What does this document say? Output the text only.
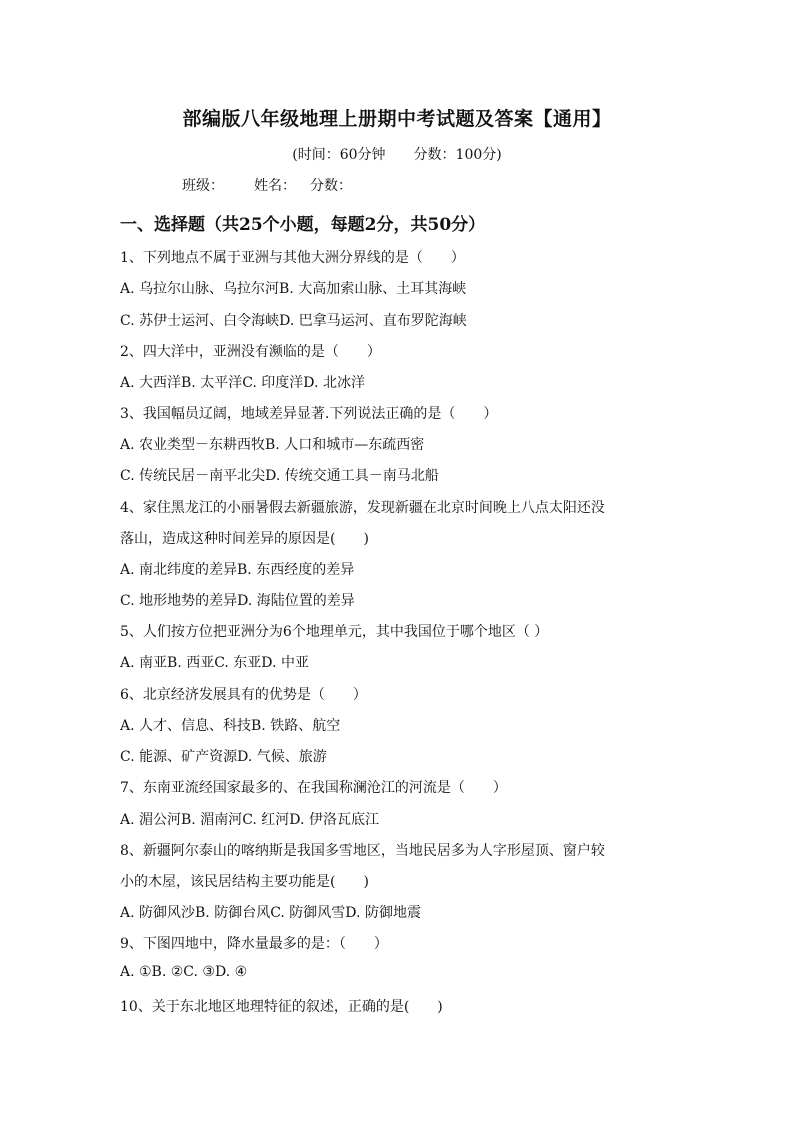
部编版八年级地理上册期中考试题及答案【通用】
(时间：60分钟 分数：100分)
班级： 姓名： 分数：
一、选择题（共25个小题，每题2分，共50分）
1、下列地点不属于亚洲与其他大洲分界线的是（　　）
A. 乌拉尔山脉、乌拉尔河B. 大高加索山脉、土耳其海峡
C. 苏伊士运河、白令海峡D. 巴拿马运河、直布罗陀海峡
2、四大洋中，亚洲没有濒临的是（　　）
A. 大西洋B. 太平洋C. 印度洋D. 北冰洋
3、我国幅员辽阔，地域差异显著.下列说法正确的是（　　）
A. 农业类型－东耕西牧B. 人口和城市—东疏西密
C. 传统民居－南平北尖D. 传统交通工具－南马北船
4、家住黑龙江的小丽暑假去新疆旅游，发现新疆在北京时间晚上八点太阳还没
落山，造成这种时间差异的原因是(　　)
A. 南北纬度的差异B. 东西经度的差异
C. 地形地势的差异D. 海陆位置的差异
5、人们按方位把亚洲分为6个地理单元，其中我国位于哪个地区（ ）
A. 南亚B. 西亚C. 东亚D. 中亚
6、北京经济发展具有的优势是（　　）
A. 人才、信息、科技B. 铁路、航空
C. 能源、矿产资源D. 气候、旅游
7、东南亚流经国家最多的、在我国称澜沧江的河流是（　　）
A. 湄公河B. 湄南河C. 红河D. 伊洛瓦底江
8、新疆阿尔泰山的喀纳斯是我国多雪地区，当地民居多为人字形屋顶、窗户较
小的木屋，该民居结构主要功能是(　　)
A. 防御风沙B. 防御台风C. 防御风雪D. 防御地震
9、下图四地中，降水量最多的是：（　　）
A. ①B. ②C. ③D. ④
10、关于东北地区地理特征的叙述，正确的是(　　)
